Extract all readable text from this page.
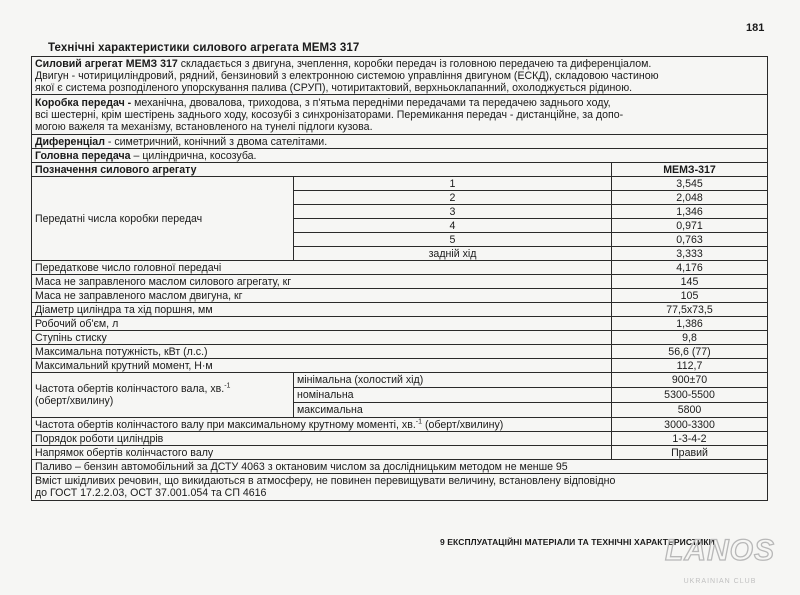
181
Технічні характеристики силового агрегата МЕМЗ 317
Силовий агрегат МЕМЗ 317 складається з двигуна, зчеплення, коробки передач із головною передачею та диференціалом.
Двигун - чотирициліндровий, рядний, бензиновий з електронною системою управління двигуном (ЕСКД), складовою частиною
якої є система розподіленого упорскування палива (СРУП), чотиритактовий, верхньоклапанний, охолоджується рідиною.		
Коробка передач - механічна, двовалова, триходова, з п'ятьма передніми передачами та передачею заднього ходу,
всі шестерні, крім шестірень заднього ходу, косозубі з синхронізаторами. Перемикання передач - дистанційне, за допо-
могою важеля та механізму, встановленого на тунелі підлоги кузова.		
Диференціал - симетричний, конічний з двома сателітами.		
Головна передача – циліндрична, косозуба.		
Позначення силового агрегату		МЕМЗ-317
Передатні числа коробки передач	1	3,545
	2	2,048
	3	1,346
	4	0,971
	5	0,763
	задній хід	3,333
Передаткове число головної передачі		4,176
Маса не заправленого маслом силового агрегату, кг		145
Маса не заправленого маслом двигуна, кг		105
Діаметр циліндра та хід поршня, мм		77,5х73,5
Робочий об'єм, л		1,386
Ступінь стиску		9,8
Максимальна потужність, кВт (л.с.)		56,6 (77)
Максимальний крутний момент, Н·м		112,7
Частота обертів колінчастого вала, хв.$^{-1}$
(оберт/хвилину)	мінімальна (холостий хід)	900±70
	номінальна	5300-5500
	максимальна	5800
Частота обертів колінчастого валу при максимальному крутному моменті, хв.$^{-1}$ (оберт/хвилину)		3000-3300
Порядок роботи циліндрів		1-3-4-2
Напрямок обертів колінчастого валу		Правий
Паливо – бензин автомобільний за ДСТУ 4063 з октановим числом за дослідницьким методом не менше 95		
Вміст шкідливих речовин, що викидаються в атмосферу, не повинен перевищувати величину, встановлену відповідно
до ГОСТ 17.2.2.03, ОСТ 37.001.054 та СП 4616		
9 ЕКСПЛУАТАЦІЙНІ МАТЕРІАЛИ ТА ТЕХНІЧНІ ХАРАКТЕРИСТИКИ
LANOS
UKRAINIAN CLUB
